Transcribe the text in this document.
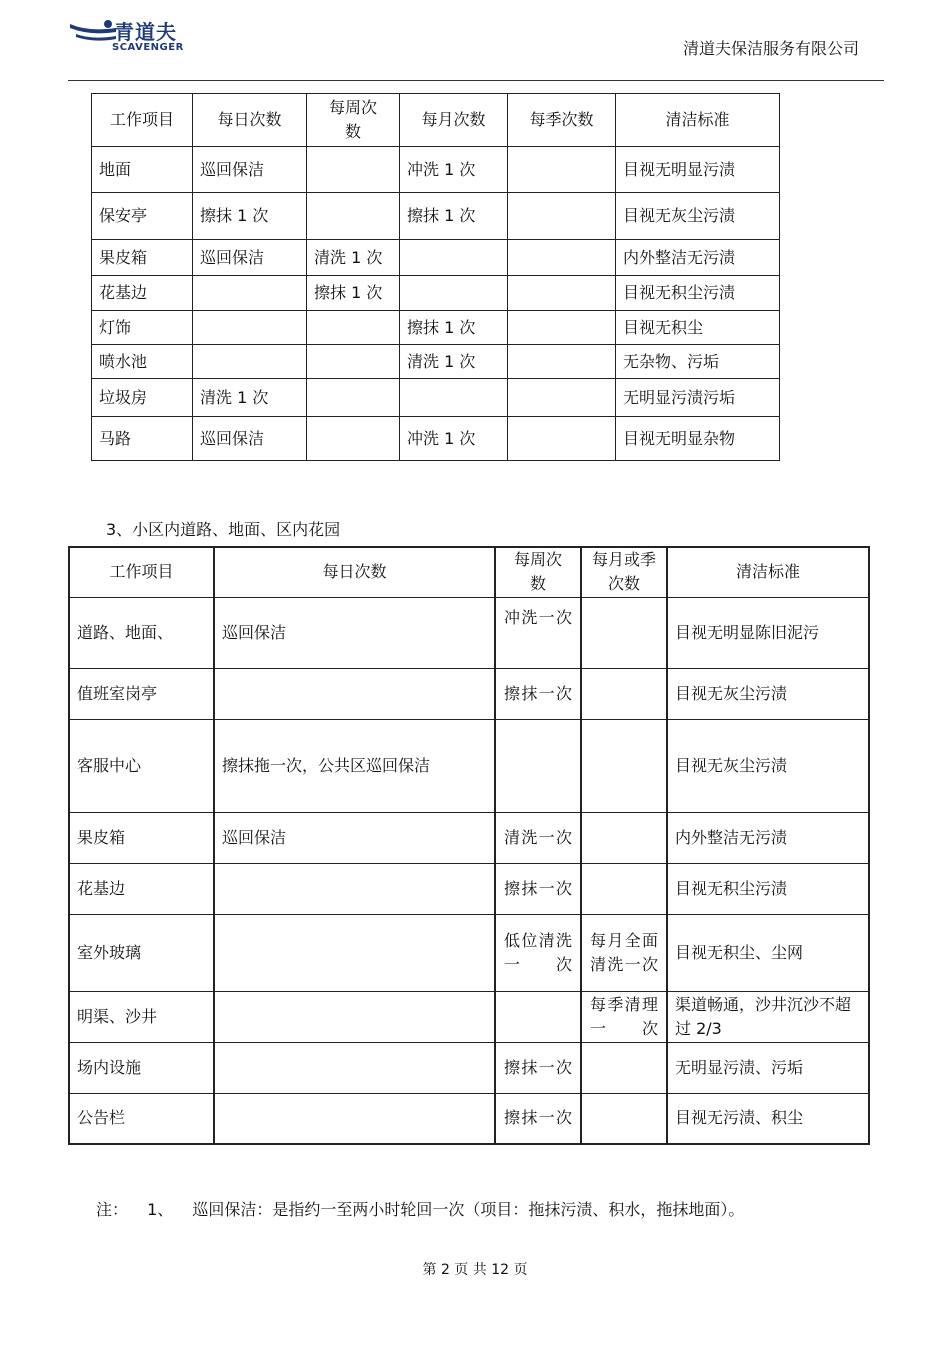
青道夫
SCAVENGER	清道夫保洁服务有限公司
工作项目	每日次数	每周次数	每月次数	每季次数	清洁标准
地面	巡回保洁		冲洗 1 次		目视无明显污渍
保安亭	擦抹 1 次		擦抹 1 次		目视无灰尘污渍
果皮箱	巡回保洁	清洗 1 次			内外整洁无污渍
花基边		擦抹 1 次			目视无积尘污渍
灯饰			擦抹 1 次		目视无积尘
喷水池			清洗 1 次		无杂物、污垢
垃圾房	清洗 1 次				无明显污渍污垢
马路	巡回保洁		冲洗 1 次		目视无明显杂物
3、小区内道路、地面、区内花园
工作项目	每日次数	每周次数	每月或季次数	清洁标准
道路、地面、	巡回保洁	冲洗一次		目视无明显陈旧泥污
值班室岗亭		擦抹一次		目视无灰尘污渍
客服中心	擦抹拖一次，公共区巡回保洁			目视无灰尘污渍
果皮箱	巡回保洁	清洗一次		内外整洁无污渍
花基边		擦抹一次		目视无积尘污渍
室外玻璃		低位清洗一次	每月全面清洗一次	目视无积尘、尘网
明渠、沙井			每季清理一次	渠道畅通，沙井沉沙不超过 2/3
场内设施		擦抹一次		无明显污渍、污垢
公告栏		擦抹一次		目视无污渍、积尘
注： 1、 巡回保洁：是指约一至两小时轮回一次（项目：拖抹污渍、积水，拖抹地面）。
第 2 页 共 12 页
